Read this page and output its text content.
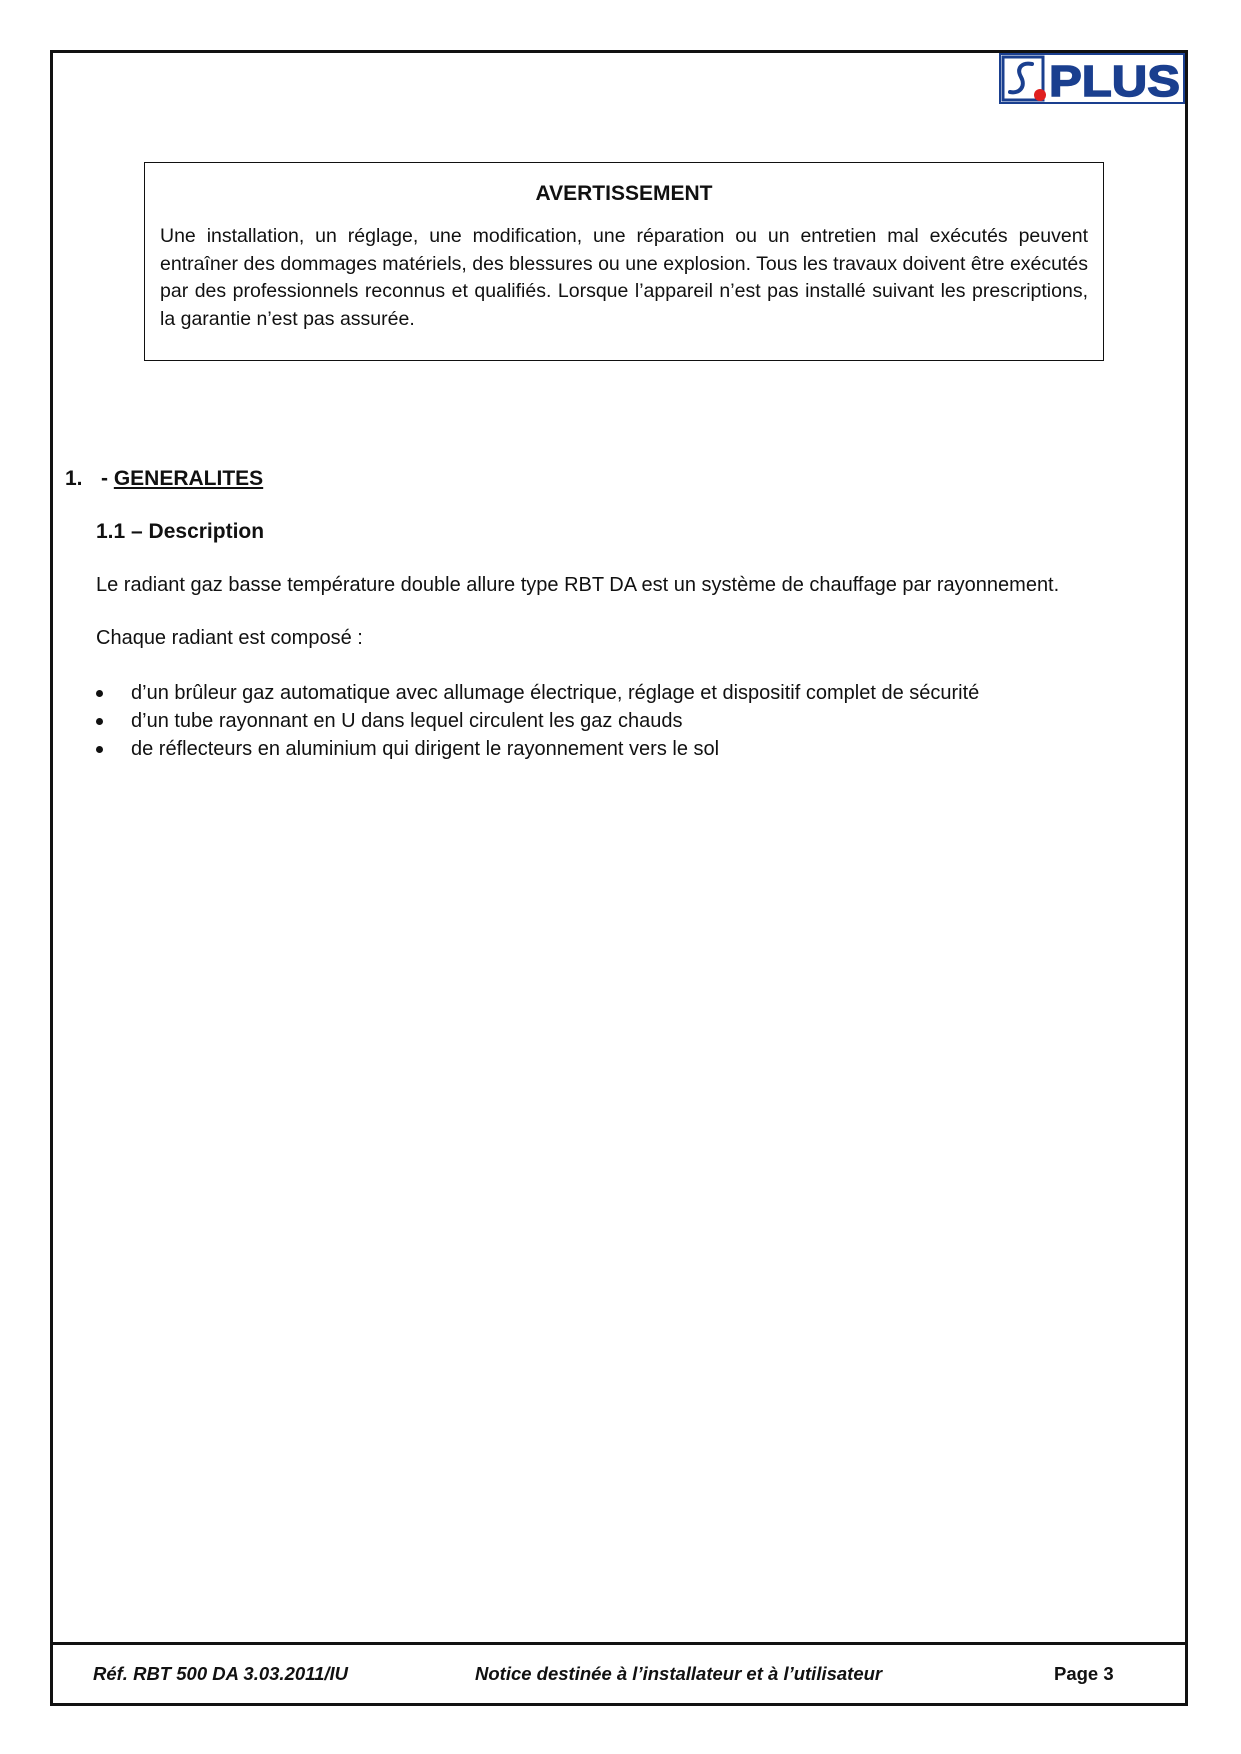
PLUS

AVERTISSEMENT

Une installation, un réglage, une modification, une réparation ou un entretien mal exécutés peuvent entraîner des dommages matériels, des blessures ou une explosion. Tous les travaux doivent être exécutés par des professionnels reconnus et qualifiés. Lorsque l’appareil n’est pas installé suivant les prescriptions, la garantie n’est pas assurée.

1. - GENERALITES

1.1 – Description

Le radiant gaz basse température double allure type RBT DA est un système de chauffage par rayonnement.

Chaque radiant est composé :

d’un brûleur gaz automatique avec allumage électrique, réglage et dispositif complet de sécurité
d’un tube rayonnant en U dans lequel circulent les gaz chauds
de réflecteurs en aluminium qui dirigent le rayonnement vers le sol
Réf. RBT 500 DA 3.03.2011/IU	Notice destinée à l’installateur et à l’utilisateur	Page 3
